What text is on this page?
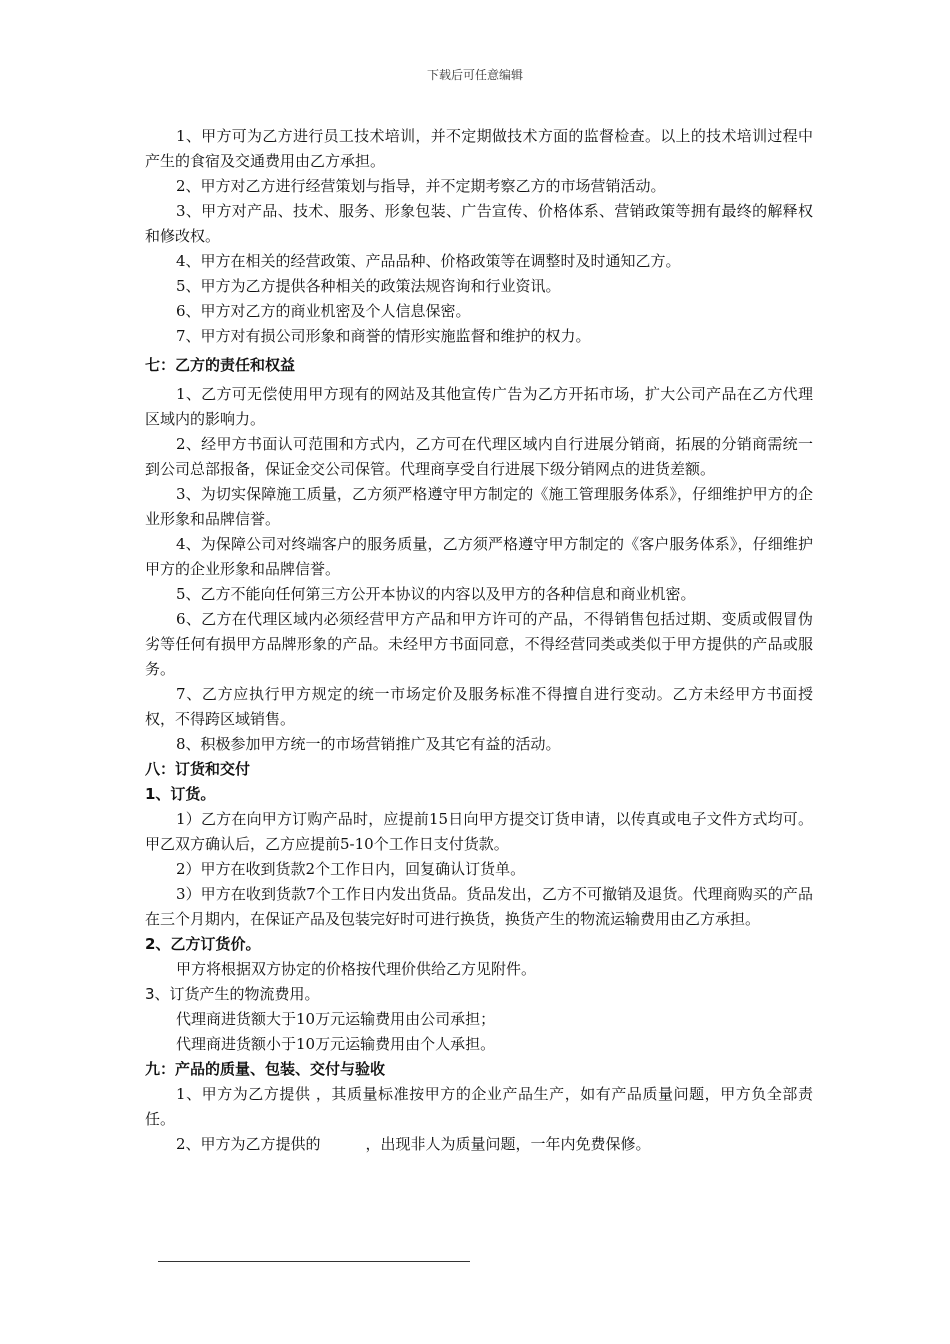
下载后可任意编辑

1、甲方可为乙方进行员工技术培训，并不定期做技术方面的监督检查。以上的技术培训过程中产生的食宿及交通费用由乙方承担。

2、甲方对乙方进行经营策划与指导，并不定期考察乙方的市场营销活动。

3、甲方对产品、技术、服务、形象包装、广告宣传、价格体系、营销政策等拥有最终的解释权和修改权。

4、甲方在相关的经营政策、产品品种、价格政策等在调整时及时通知乙方。

5、甲方为乙方提供各种相关的政策法规咨询和行业资讯。

6、甲方对乙方的商业机密及个人信息保密。

7、甲方对有损公司形象和商誉的情形实施监督和维护的权力。

七：乙方的责任和权益

1、乙方可无偿使用甲方现有的网站及其他宣传广告为乙方开拓市场，扩大公司产品在乙方代理区域内的影响力。

2、经甲方书面认可范围和方式内，乙方可在代理区域内自行进展分销商，拓展的分销商需统一到公司总部报备，保证金交公司保管。代理商享受自行进展下级分销网点的进货差额。

3、为切实保障施工质量，乙方须严格遵守甲方制定的《施工管理服务体系》，仔细维护甲方的企业形象和品牌信誉。

4、为保障公司对终端客户的服务质量，乙方须严格遵守甲方制定的《客户服务体系》，仔细维护甲方的企业形象和品牌信誉。

5、乙方不能向任何第三方公开本协议的内容以及甲方的各种信息和商业机密。

6、乙方在代理区域内必须经营甲方产品和甲方许可的产品，不得销售包括过期、变质或假冒伪劣等任何有损甲方品牌形象的产品。未经甲方书面同意，不得经营同类或类似于甲方提供的产品或服务。

7、乙方应执行甲方规定的统一市场定价及服务标准不得擅自进行变动。乙方未经甲方书面授权，不得跨区域销售。

8、积极参加甲方统一的市场营销推广及其它有益的活动。

八：订货和交付

1、订货。

1）乙方在向甲方订购产品时，应提前15日向甲方提交订货申请，以传真或电子文件方式均可。甲乙双方确认后，乙方应提前5-10个工作日支付货款。

2）甲方在收到货款2个工作日内，回复确认订货单。

3）甲方在收到货款7个工作日内发出货品。货品发出，乙方不可撤销及退货。代理商购买的产品在三个月期内，在保证产品及包装完好时可进行换货，换货产生的物流运输费用由乙方承担。

2、乙方订货价。

甲方将根据双方协定的价格按代理价供给乙方见附件。

3、订货产生的物流费用。

代理商进货额大于10万元运输费用由公司承担；

代理商进货额小于10万元运输费用由个人承担。

九：产品的质量、包装、交付与验收

1、甲方为乙方提供 ，其质量标准按甲方的企业产品生产，如有产品质量问题，甲方负全部责任。

2、甲方为乙方提供的　　　，出现非人为质量问题，一年内免费保修。
